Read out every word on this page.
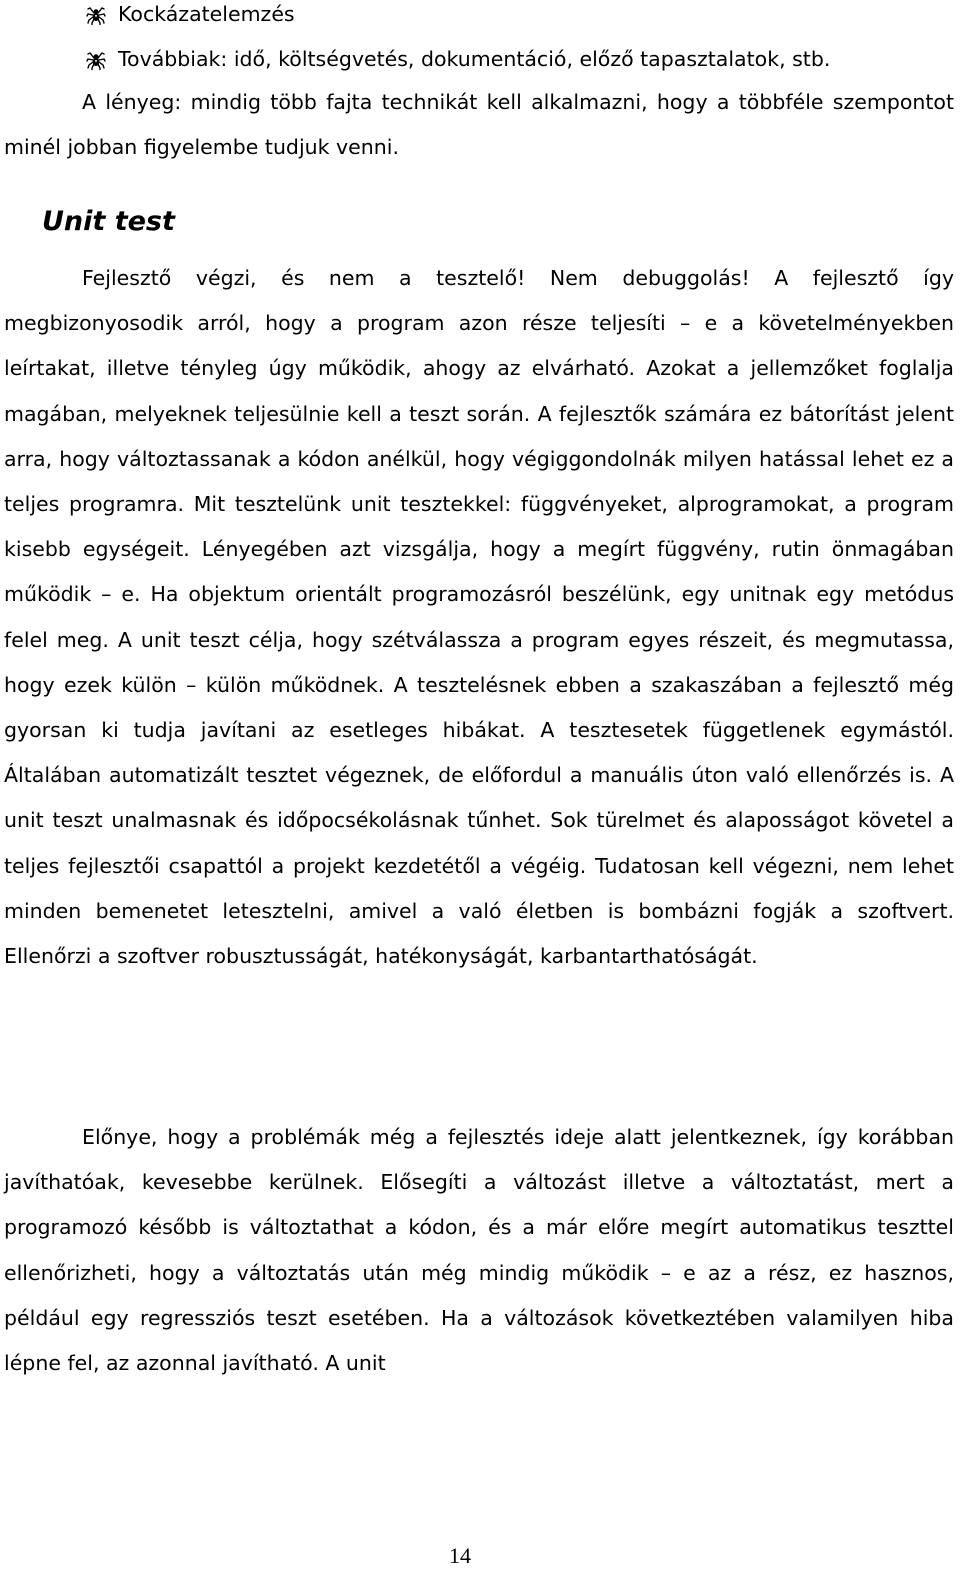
Kockázatelemzés
Továbbiak: idő, költségvetés, dokumentáció, előző tapasztalatok, stb.

A lényeg: mindig több fajta technikát kell alkalmazni, hogy a többféle szempontot minél jobban figyelembe tudjuk venni.

Unit test

Fejlesztő végzi, és nem a tesztelő! Nem debuggolás! A fejlesztő így megbizonyosodik arról, hogy a program azon része teljesíti – e a követelményekben leírtakat, illetve tényleg úgy működik, ahogy az elvárható. Azokat a jellemzőket foglalja magában, melyeknek teljesülnie kell a teszt során. A fejlesztők számára ez bátorítást jelent arra, hogy változtassanak a kódon anélkül, hogy végiggondolnák milyen hatással lehet ez a teljes programra. Mit tesztelünk unit tesztekkel: függvényeket, alprogramokat, a program kisebb egységeit. Lényegében azt vizsgálja, hogy a megírt függvény, rutin önmagában működik – e. Ha objektum orientált programozásról beszélünk, egy unitnak egy metódus felel meg. A unit teszt célja, hogy szétválassza a program egyes részeit, és megmutassa, hogy ezek külön – külön működnek. A tesztelésnek ebben a szakaszában a fejlesztő még gyorsan ki tudja javítani az esetleges hibákat. A tesztesetek függetlenek egymástól. Általában automatizált tesztet végeznek, de előfordul a manuális úton való ellenőrzés is. A unit teszt unalmasnak és időpocsékolásnak tűnhet. Sok türelmet és alaposságot követel a teljes fejlesztői csapattól a projekt kezdetétől a végéig. Tudatosan kell végezni, nem lehet minden bemenetet letesztelni, amivel a való életben is bombázni fogják a szoftvert. Ellenőrzi a szoftver robusztusságát, hatékonyságát, karbantarthatóságát.

Előnye, hogy a problémák még a fejlesztés ideje alatt jelentkeznek, így korábban javíthatóak, kevesebbe kerülnek. Elősegíti a változást illetve a változtatást, mert a programozó később is változtathat a kódon, és a már előre megírt automatikus teszttel ellenőrizheti, hogy a változtatás után még mindig működik – e az a rész, ez hasznos, például egy regressziós teszt esetében. Ha a változások következtében valamilyen hiba lépne fel, az azonnal javítható. A unit

14
